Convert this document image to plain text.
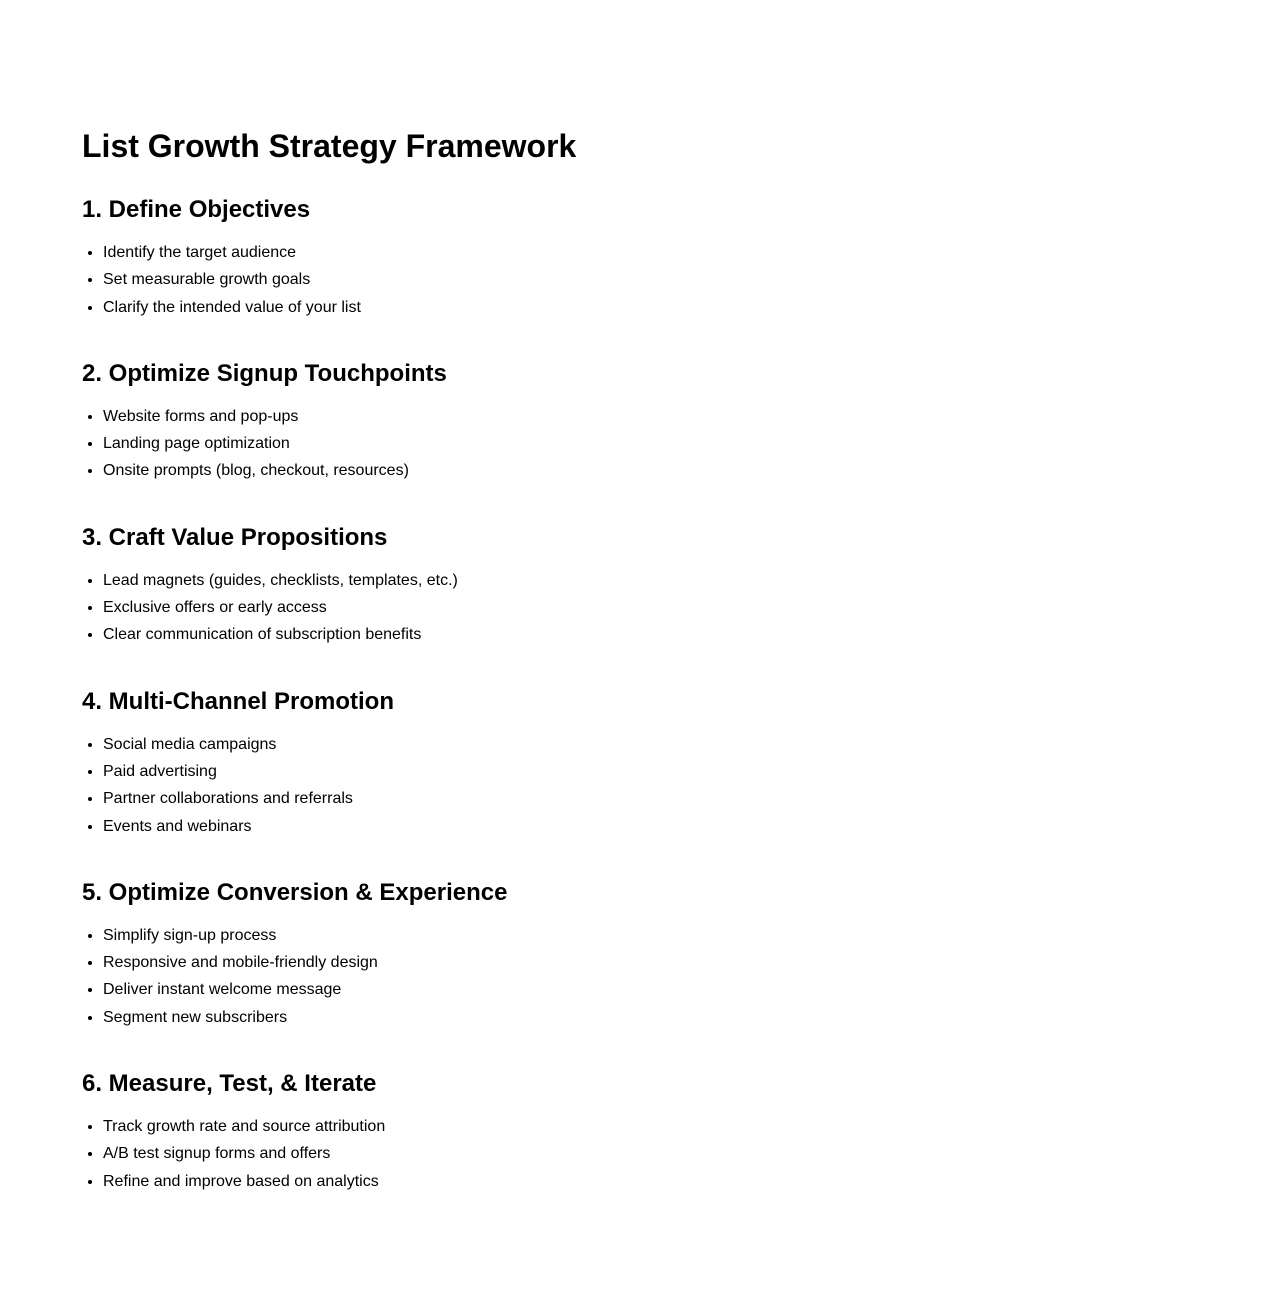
List Growth Strategy Framework
1. Define Objectives
• Identify the target audience
• Set measurable growth goals
• Clarify the intended value of your list
2. Optimize Signup Touchpoints
• Website forms and pop-ups
• Landing page optimization
• Onsite prompts (blog, checkout, resources)
3. Craft Value Propositions
• Lead magnets (guides, checklists, templates, etc.)
• Exclusive offers or early access
• Clear communication of subscription benefits
4. Multi-Channel Promotion
• Social media campaigns
• Paid advertising
• Partner collaborations and referrals
• Events and webinars
5. Optimize Conversion & Experience
• Simplify sign-up process
• Responsive and mobile-friendly design
• Deliver instant welcome message
• Segment new subscribers
6. Measure, Test, & Iterate
• Track growth rate and source attribution
• A/B test signup forms and offers
• Refine and improve based on analytics
